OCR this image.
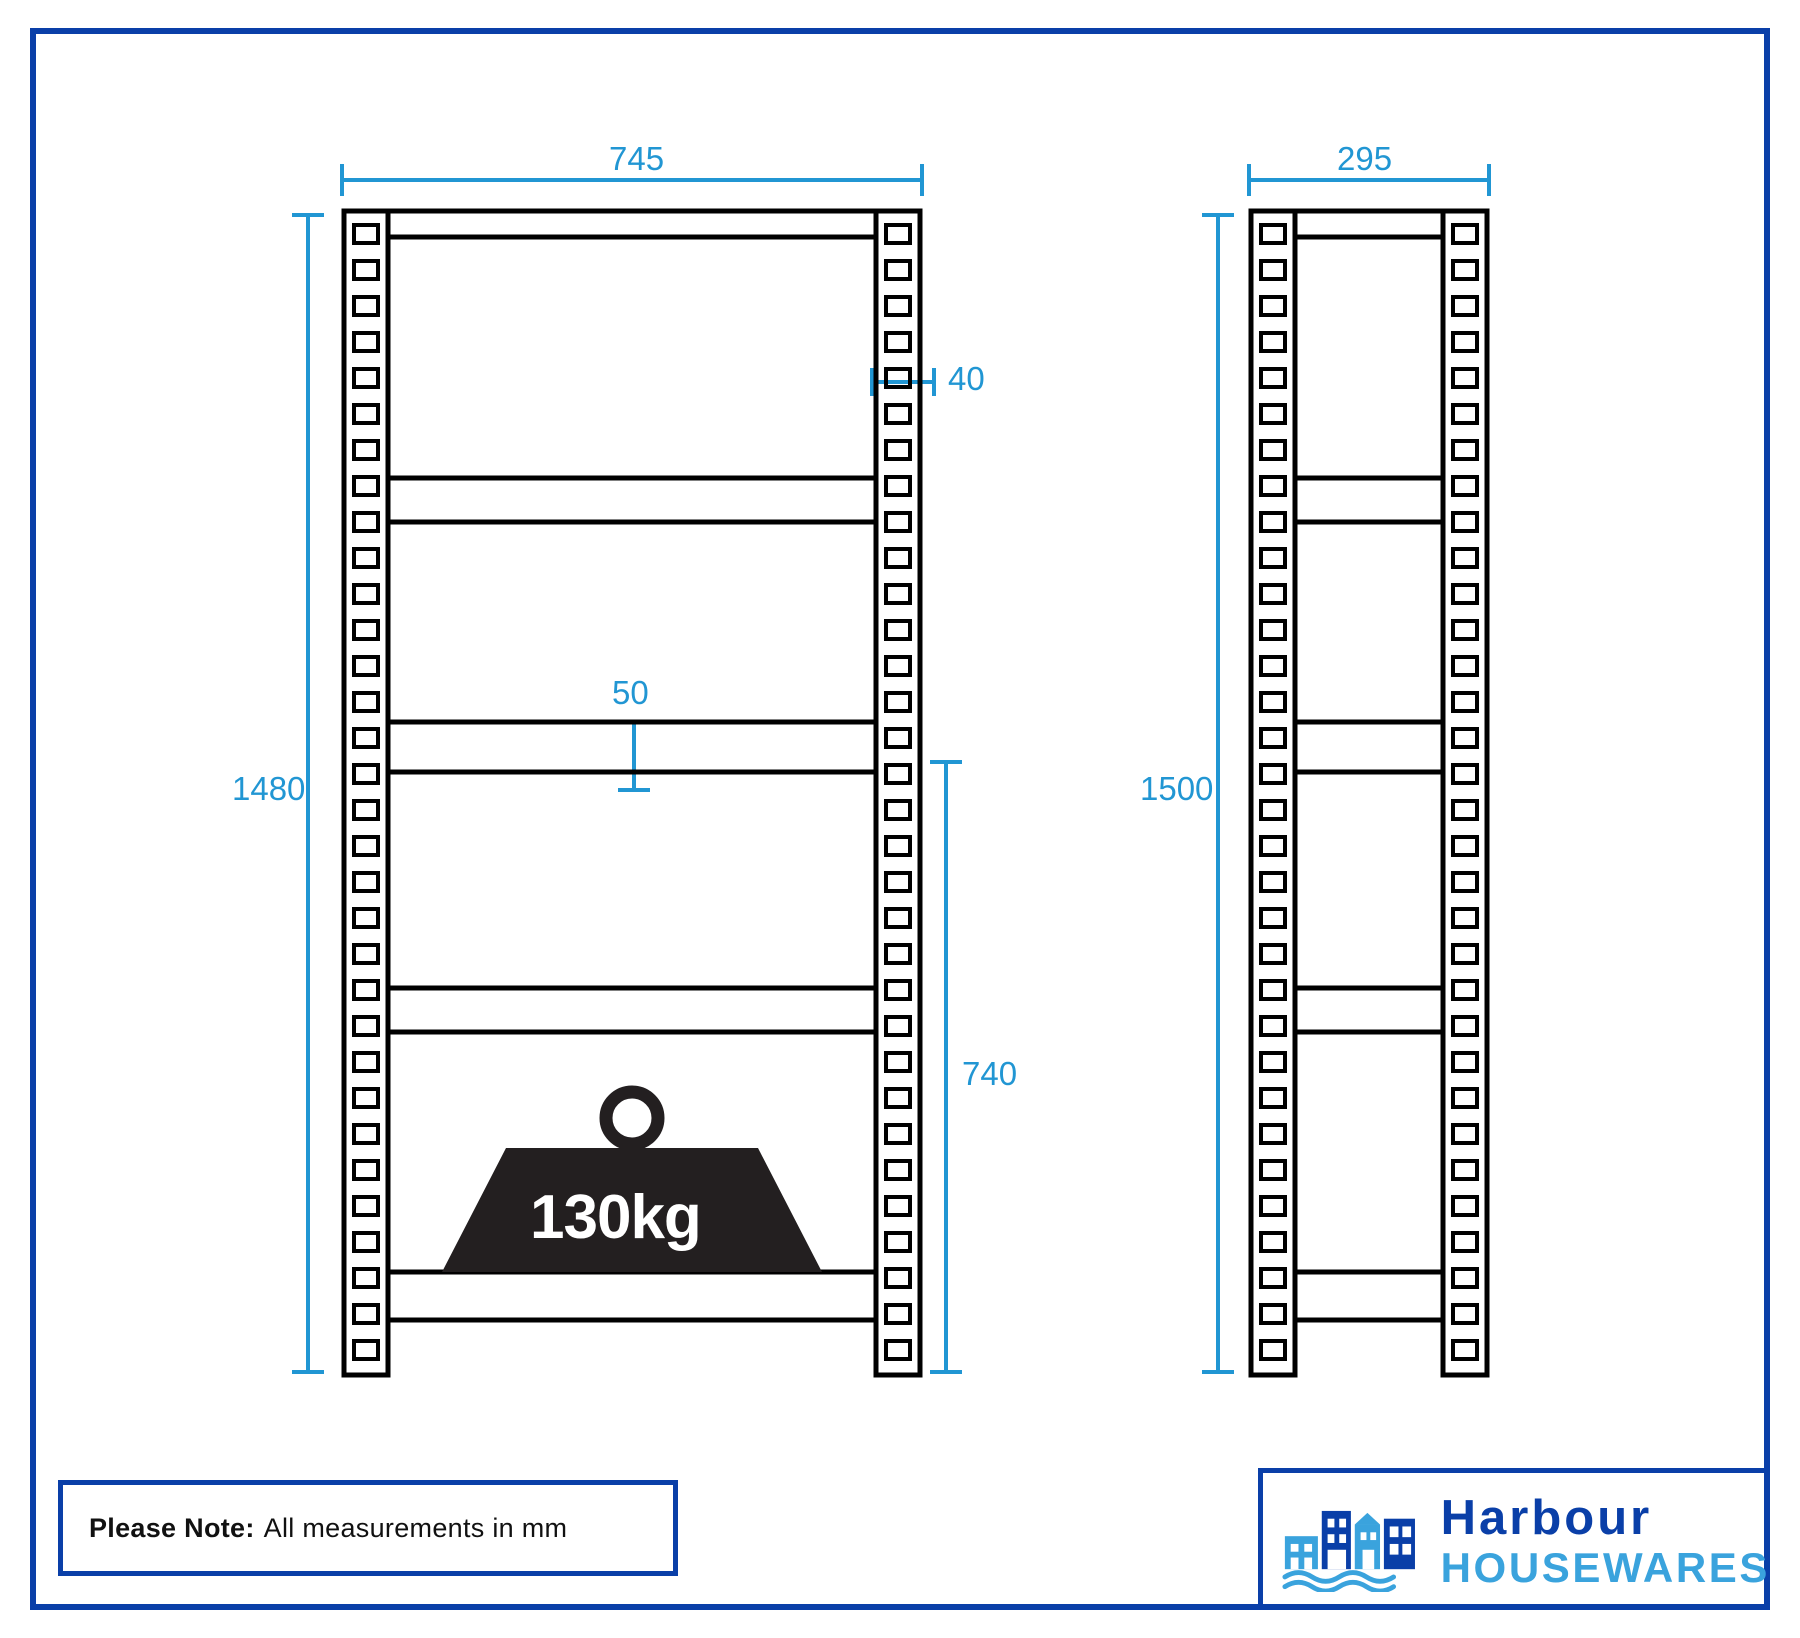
745
1480
40
50
740
295
1500
130kg
Please Note: All measurements in mm	Harbour
HOUSEWARES
